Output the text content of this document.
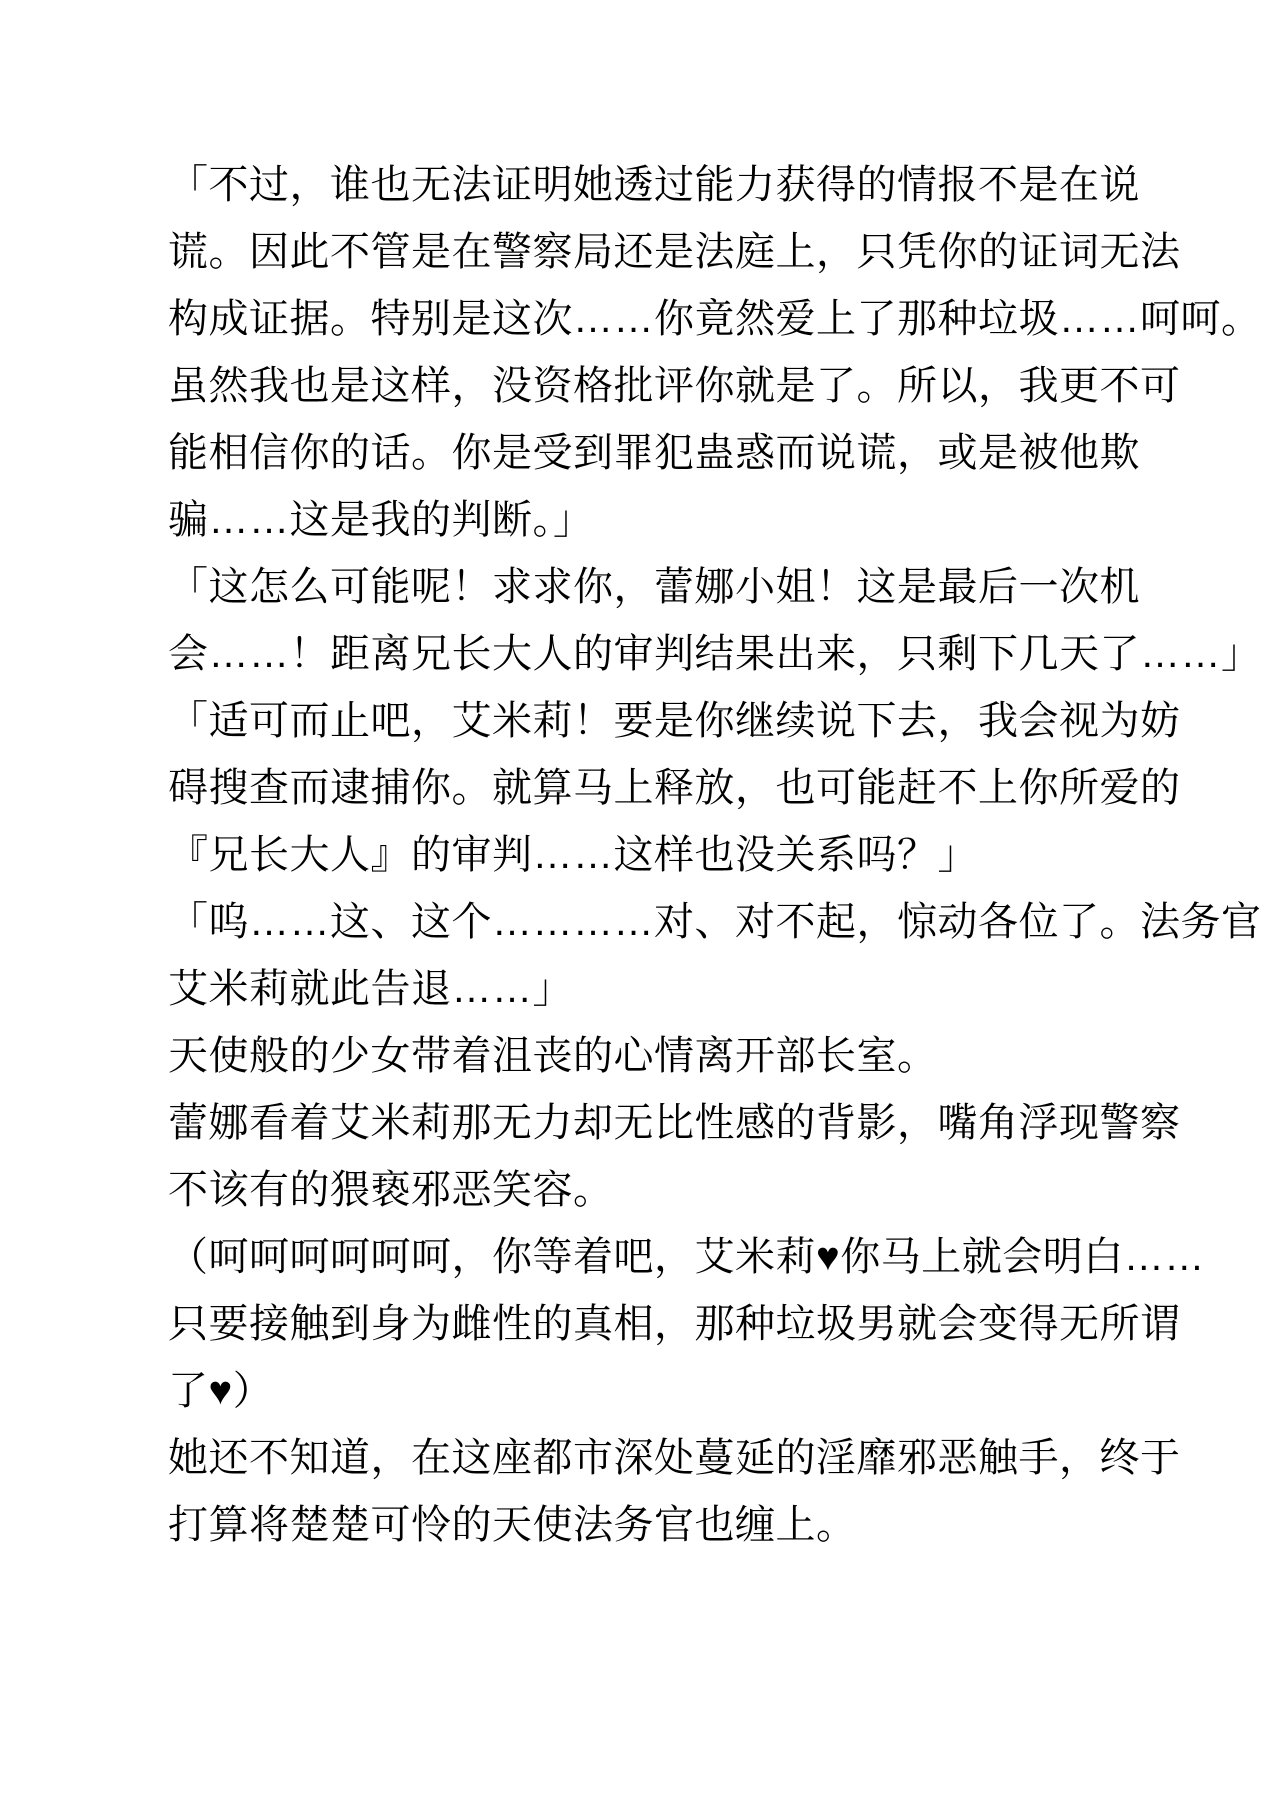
「不过，谁也无法证明她透过能力获得的情报不是在说
谎。因此不管是在警察局还是法庭上，只凭你的证词无法
构成证据。特别是这次……你竟然爱上了那种垃圾……呵呵。
虽然我也是这样，没资格批评你就是了。所以，我更不可
能相信你的话。你是受到罪犯蛊惑而说谎，或是被他欺
骗……这是我的判断。」
「这怎么可能呢！求求你，蕾娜小姐！这是最后一次机
会……！距离兄长大人的审判结果出来，只剩下几天了……」
「适可而止吧，艾米莉！要是你继续说下去，我会视为妨
碍搜查而逮捕你。就算马上释放，也可能赶不上你所爱的
『兄长大人』的审判……这样也没关系吗？」
「呜……这、这个…………对、对不起，惊动各位了。法务官
艾米莉就此告退……」
天使般的少女带着沮丧的心情离开部长室。
蕾娜看着艾米莉那无力却无比性感的背影，嘴角浮现警察
不该有的猥亵邪恶笑容。
（呵呵呵呵呵呵，你等着吧，艾米莉♥你马上就会明白……
只要接触到身为雌性的真相，那种垃圾男就会变得无所谓
了♥）
她还不知道，在这座都市深处蔓延的淫靡邪恶触手，终于
打算将楚楚可怜的天使法务官也缠上。
